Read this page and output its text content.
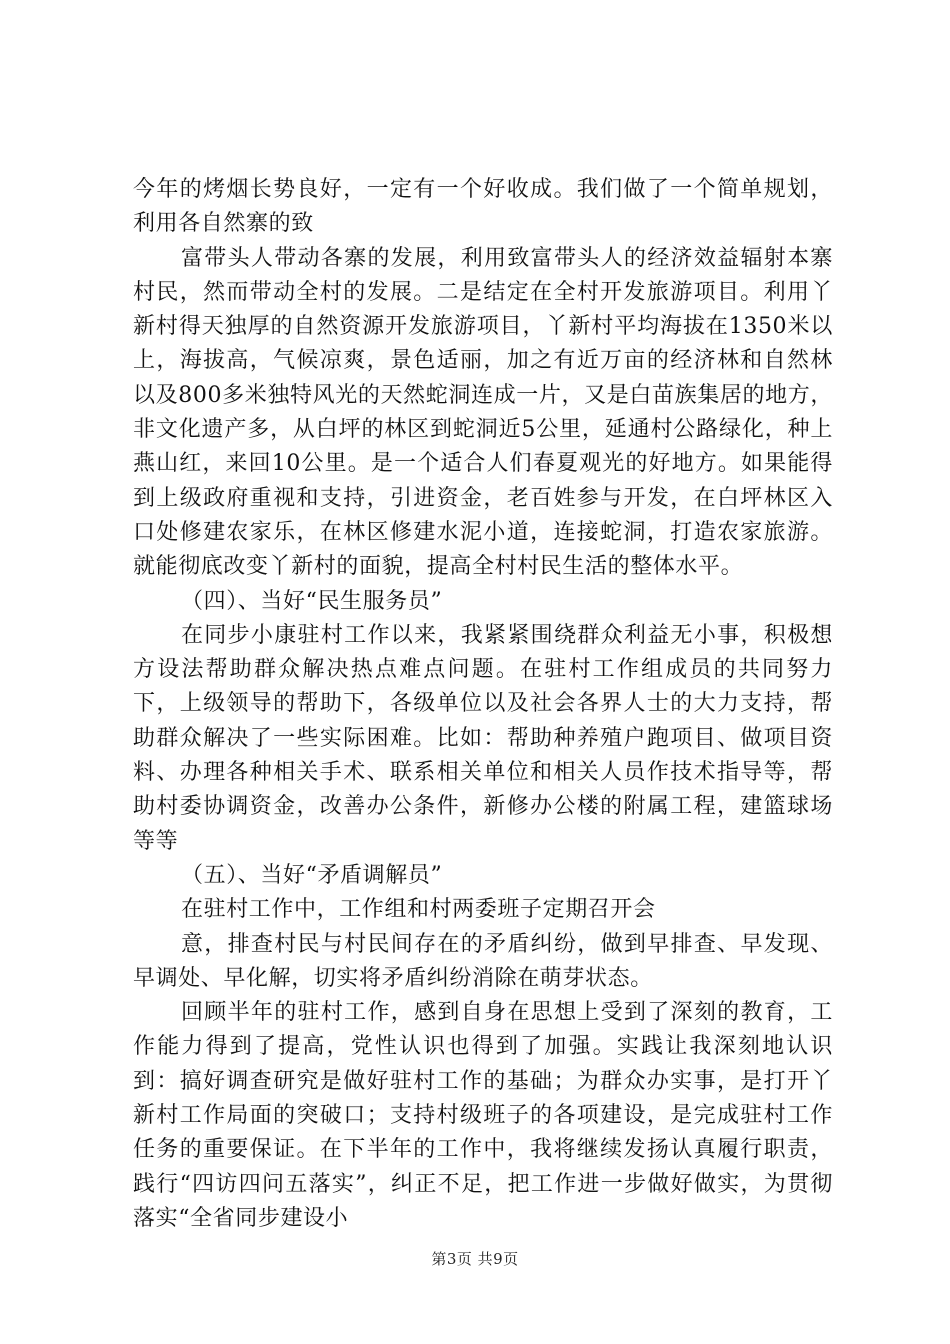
今年的烤烟长势良好，一定有一个好收成。我们做了一个简单规划，利用各自然寨的致

富带头人带动各寨的发展，利用致富带头人的经济效益辐射本寨村民，然而带动全村的发展。二是结定在全村开发旅游项目。利用丫新村得天独厚的自然资源开发旅游项目，丫新村平均海拔在1350米以上，海拔高，气候凉爽，景色适丽，加之有近万亩的经济林和自然林以及800多米独特风光的天然蛇洞连成一片，又是白苗族集居的地方，非文化遗产多，从白坪的林区到蛇洞近5公里，延通村公路绿化，种上燕山红，来回10公里。是一个适合人们春夏观光的好地方。如果能得到上级政府重视和支持，引进资金，老百姓参与开发，在白坪林区入口处修建农家乐，在林区修建水泥小道，连接蛇洞，打造农家旅游。就能彻底改变丫新村的面貌，提高全村村民生活的整体水平。

（四）、当好“民生服务员”

在同步小康驻村工作以来，我紧紧围绕群众利益无小事，积极想方设法帮助群众解决热点难点问题。在驻村工作组成员的共同努力下，上级领导的帮助下，各级单位以及社会各界人士的大力支持，帮助群众解决了一些实际困难。比如：帮助种养殖户跑项目、做项目资料、办理各种相关手术、联系相关单位和相关人员作技术指导等，帮助村委协调资金，改善办公条件，新修办公楼的附属工程，建篮球场等等

（五）、当好“矛盾调解员”

在驻村工作中，工作组和村两委班子定期召开会

意，排查村民与村民间存在的矛盾纠纷，做到早排查、早发现、早调处、早化解，切实将矛盾纠纷消除在萌芽状态。

回顾半年的驻村工作，感到自身在思想上受到了深刻的教育，工作能力得到了提高，党性认识也得到了加强。实践让我深刻地认识到：搞好调查研究是做好驻村工作的基础；为群众办实事，是打开丫新村工作局面的突破口；支持村级班子的各项建设，是完成驻村工作任务的重要保证。在下半年的工作中，我将继续发扬认真履行职责，践行“四访四问五落实”，纠正不足，把工作进一步做好做实，为贯彻落实“全省同步建设小

第3页 共9页
